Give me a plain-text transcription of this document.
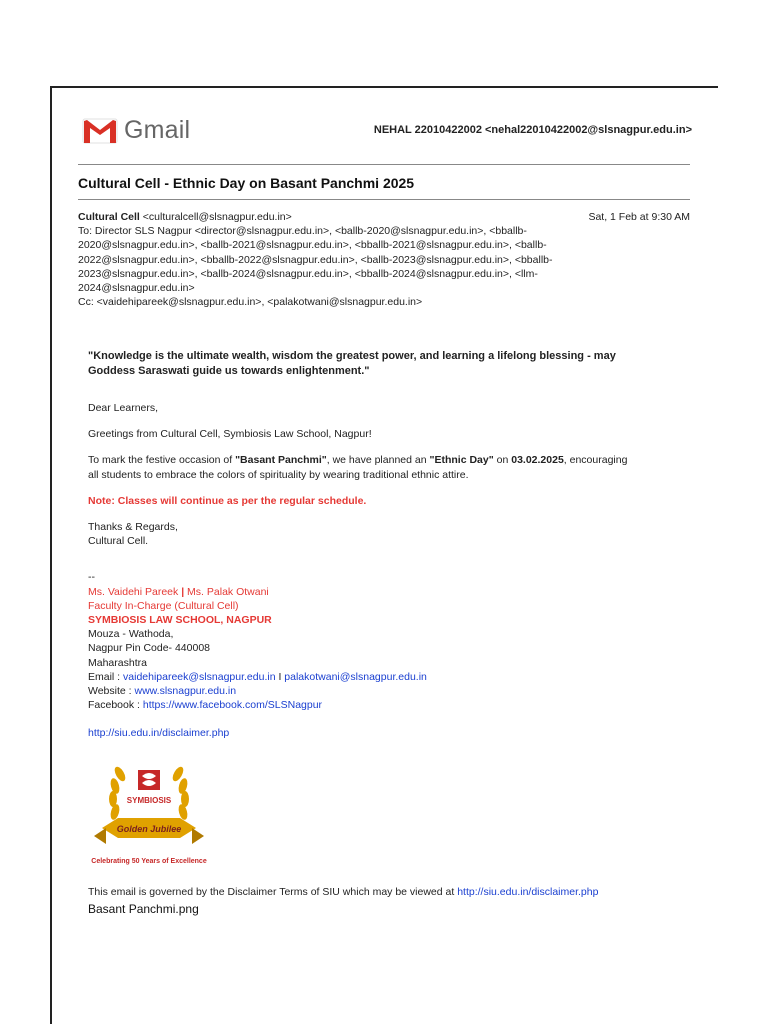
Gmail	NEHAL 22010422002 <nehal22010422002@slsnagpur.edu.in>
Cultural Cell - Ethnic Day on Basant Panchmi 2025
Cultural Cell <culturalcell@slsnagpur.edu.in>	Sat, 1 Feb at 9:30 AM
To: Director SLS Nagpur <director@slsnagpur.edu.in>, <ballb-2020@slsnagpur.edu.in>, <bballb-
2020@slsnagpur.edu.in>, <ballb-2021@slsnagpur.edu.in>, <bballb-2021@slsnagpur.edu.in>, <ballb-
2022@slsnagpur.edu.in>, <bballb-2022@slsnagpur.edu.in>, <ballb-2023@slsnagpur.edu.in>, <bballb-
2023@slsnagpur.edu.in>, <ballb-2024@slsnagpur.edu.in>, <bballb-2024@slsnagpur.edu.in>, <llm-
2024@slsnagpur.edu.in>
Cc: <vaidehipareek@slsnagpur.edu.in>, <palakotwani@slsnagpur.edu.in>
"Knowledge is the ultimate wealth, wisdom the greatest power, and learning a lifelong blessing - may
Goddess Saraswati guide us towards enlightenment."

Dear Learners,

Greetings from Cultural Cell, Symbiosis Law School, Nagpur!

To mark the festive occasion of "Basant Panchmi", we have planned an "Ethnic Day" on 03.02.2025, encouraging
all students to embrace the colors of spirituality by wearing traditional ethnic attire.

Note: Classes will continue as per the regular schedule.

Thanks & Regards,
Cultural Cell.
--
Ms. Vaidehi Pareek | Ms. Palak Otwani
Faculty In-Charge (Cultural Cell)
SYMBIOSIS LAW SCHOOL, NAGPUR
Mouza - Wathoda,
Nagpur Pin Code- 440008
Maharashtra
Email : vaidehipareek@slsnagpur.edu.in I palakotwani@slsnagpur.edu.in
Website : www.slsnagpur.edu.in
Facebook : https://www.facebook.com/SLSNagpur
http://siu.edu.in/disclaimer.php
SYMBIOSIS
Golden Jubilee
Celebrating 50 Years of Excellence
This email is governed by the Disclaimer Terms of SIU which may be viewed at http://siu.edu.in/disclaimer.php
Basant Panchmi.png
